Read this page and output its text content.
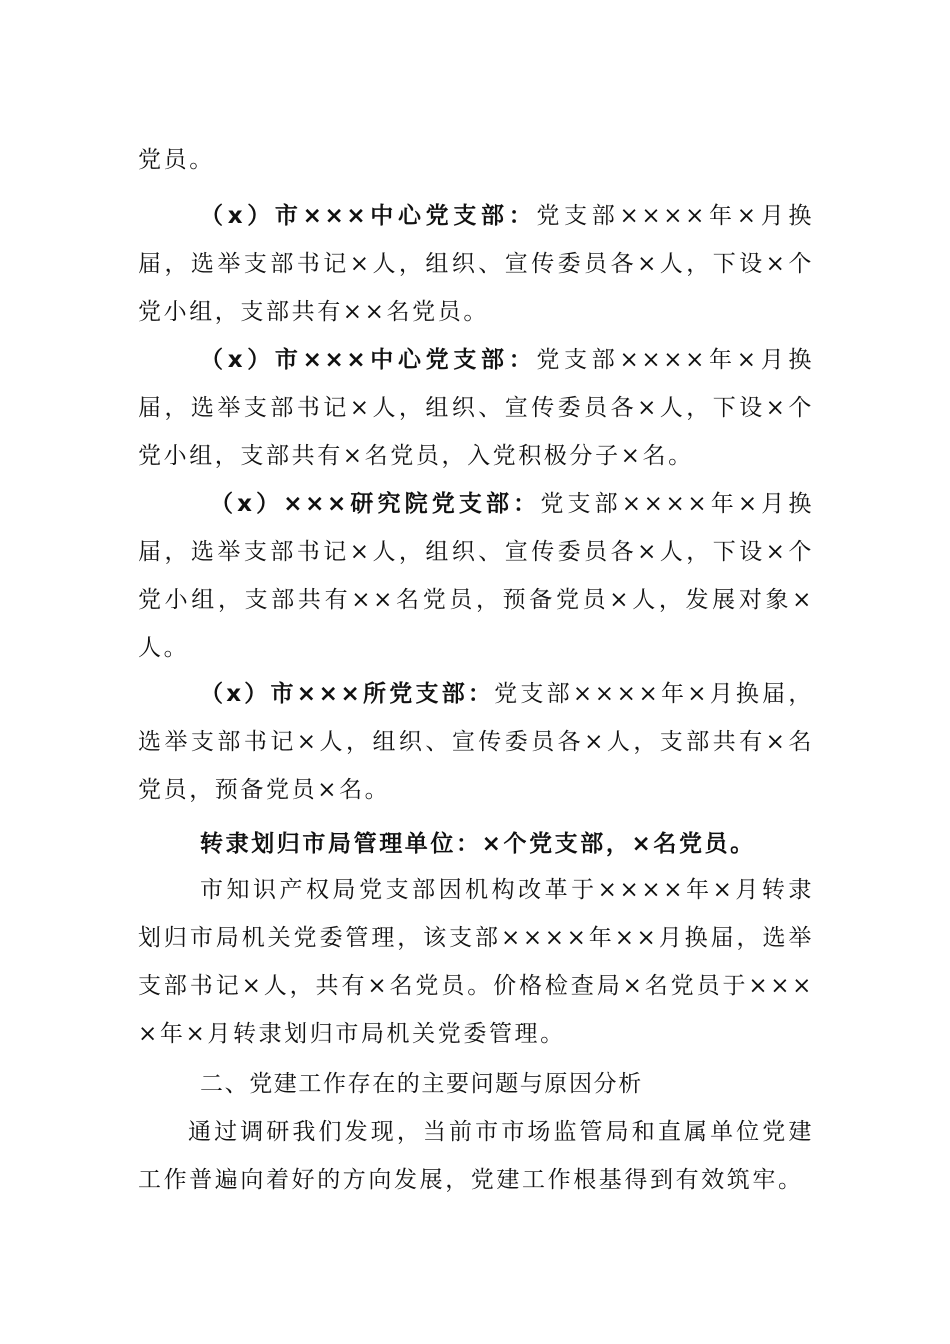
党员。

（x）市×××中心党支部：党支部××××年×月换届，选举支部书记×人，组织、宣传委员各×人，下设×个党小组，支部共有××名党员。

（x）市×××中心党支部：党支部××××年×月换届，选举支部书记×人，组织、宣传委员各×人，下设×个党小组，支部共有×名党员，入党积极分子×名。

（x）×××研究院党支部：党支部××××年×月换届，选举支部书记×人，组织、宣传委员各×人，下设×个党小组，支部共有××名党员，预备党员×人，发展对象×人。

（x）市×××所党支部：党支部××××年×月换届，选举支部书记×人，组织、宣传委员各×人，支部共有×名党员，预备党员×名。

转隶划归市局管理单位：×个党支部，×名党员。

市知识产权局党支部因机构改革于××××年×月转隶划归市局机关党委管理，该支部××××年××月换届，选举支部书记×人，共有×名党员。价格检查局×名党员于××××年×月转隶划归市局机关党委管理。

二、党建工作存在的主要问题与原因分析

通过调研我们发现，当前市市场监管局和直属单位党建工作普遍向着好的方向发展，党建工作根基得到有效筑牢。
